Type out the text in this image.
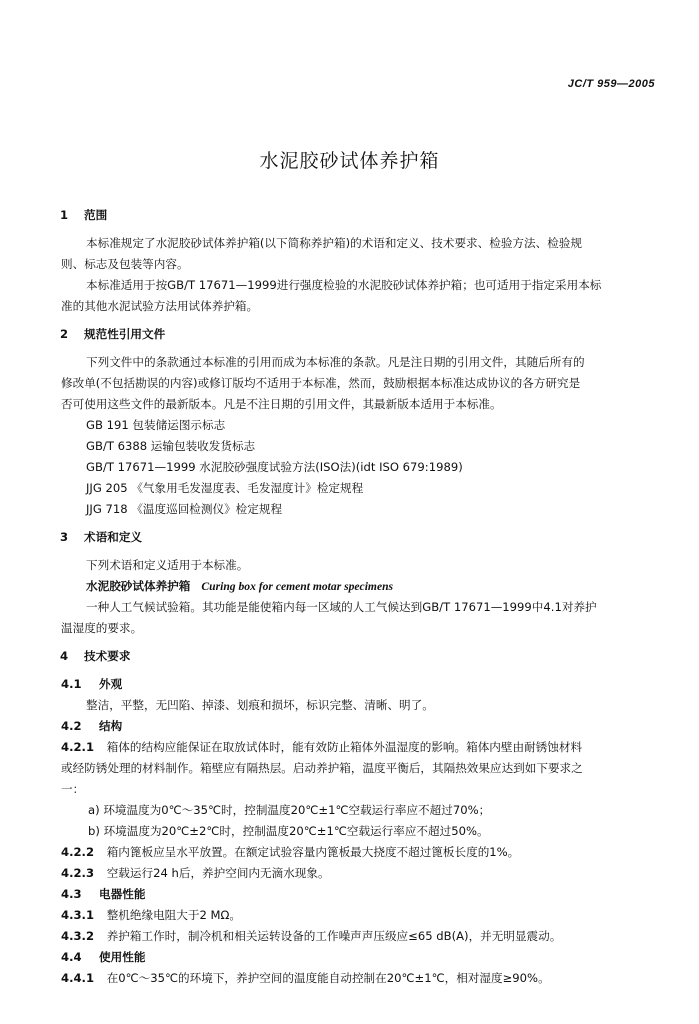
JC/T 959—2005
水泥胶砂试体养护箱
1 范围
本标准规定了水泥胶砂试体养护箱(以下简称养护箱)的术语和定义、技术要求、检验方法、检验规
则、标志及包装等内容。
本标准适用于按GB/T 17671—1999进行强度检验的水泥胶砂试体养护箱；也可适用于指定采用本标
准的其他水泥试验方法用试体养护箱。
2 规范性引用文件
下列文件中的条款通过本标准的引用而成为本标准的条款。凡是注日期的引用文件，其随后所有的
修改单(不包括勘误的内容)或修订版均不适用于本标准，然而，鼓励根据本标准达成协议的各方研究是
否可使用这些文件的最新版本。凡是不注日期的引用文件，其最新版本适用于本标准。
GB 191 包装储运图示标志
GB/T 6388 运输包装收发货标志
GB/T 17671—1999 水泥胶砂强度试验方法(ISO法)(idt ISO 679:1989)
JJG 205 《气象用毛发湿度表、毛发湿度计》检定规程
JJG 718 《温度巡回检测仪》检定规程
3 术语和定义
下列术语和定义适用于本标准。
水泥胶砂试体养护箱 Curing box for cement motar specimens
一种人工气候试验箱。其功能是能使箱内每一区域的人工气候达到GB/T 17671—1999中4.1对养护
温湿度的要求。
4 技术要求
4.1 外观
整洁，平整，无凹陷、掉漆、划痕和损坏，标识完整、清晰、明了。
4.2 结构
4.2.1 箱体的结构应能保证在取放试体时，能有效防止箱体外温湿度的影响。箱体内壁由耐锈蚀材料
或经防锈处理的材料制作。箱壁应有隔热层。启动养护箱，温度平衡后，其隔热效果应达到如下要求之
一：
a) 环境温度为0℃～35℃时，控制温度20℃±1℃空载运行率应不超过70%；
b) 环境温度为20℃±2℃时，控制温度20℃±1℃空载运行率应不超过50%。
4.2.2 箱内篦板应呈水平放置。在额定试验容量内篦板最大挠度不超过篦板长度的1%。
4.2.3 空载运行24 h后，养护空间内无滴水现象。
4.3 电器性能
4.3.1 整机绝缘电阻大于2 MΩ。
4.3.2 养护箱工作时，制冷机和相关运转设备的工作噪声声压级应≤65 dB(A)，并无明显震动。
4.4 使用性能
4.4.1 在0℃～35℃的环境下，养护空间的温度能自动控制在20℃±1℃，相对湿度≥90%。
